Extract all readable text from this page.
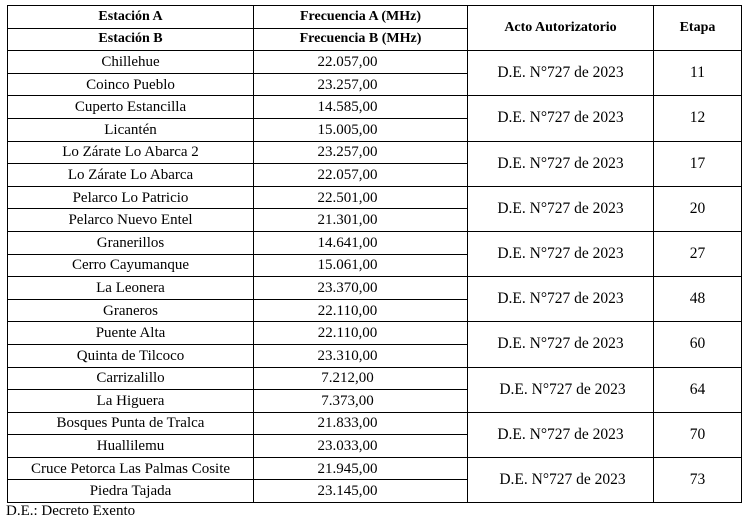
Estación A	Frecuencia A (MHz)	Acto Autorizatorio	Etapa
Estación B	Frecuencia B (MHz)		
Chillehue	22.057,00	D.E. N°727 de 2023	11
Coinco Pueblo	23.257,00		
Cuperto Estancilla	14.585,00	D.E. N°727 de 2023	12
Licantén	15.005,00		
Lo Zárate Lo Abarca 2	23.257,00	D.E. N°727 de 2023	17
Lo Zárate Lo Abarca	22.057,00		
Pelarco Lo Patricio	22.501,00	D.E. N°727 de 2023	20
Pelarco Nuevo Entel	21.301,00		
Granerillos	14.641,00	D.E. N°727 de 2023	27
Cerro Cayumanque	15.061,00		
La Leonera	23.370,00	D.E. N°727 de 2023	48
Graneros	22.110,00		
Puente Alta	22.110,00	D.E. N°727 de 2023	60
Quinta de Tilcoco	23.310,00		
Carrizalillo	7.212,00	D.E. N°727 de 2023	64
La Higuera	7.373,00		
Bosques Punta de Tralca	21.833,00	D.E. N°727 de 2023	70
Huallilemu	23.033,00		
Cruce Petorca Las Palmas Cosite	21.945,00	D.E. N°727 de 2023	73
Piedra Tajada	23.145,00		
D.E.: Decreto Exento
